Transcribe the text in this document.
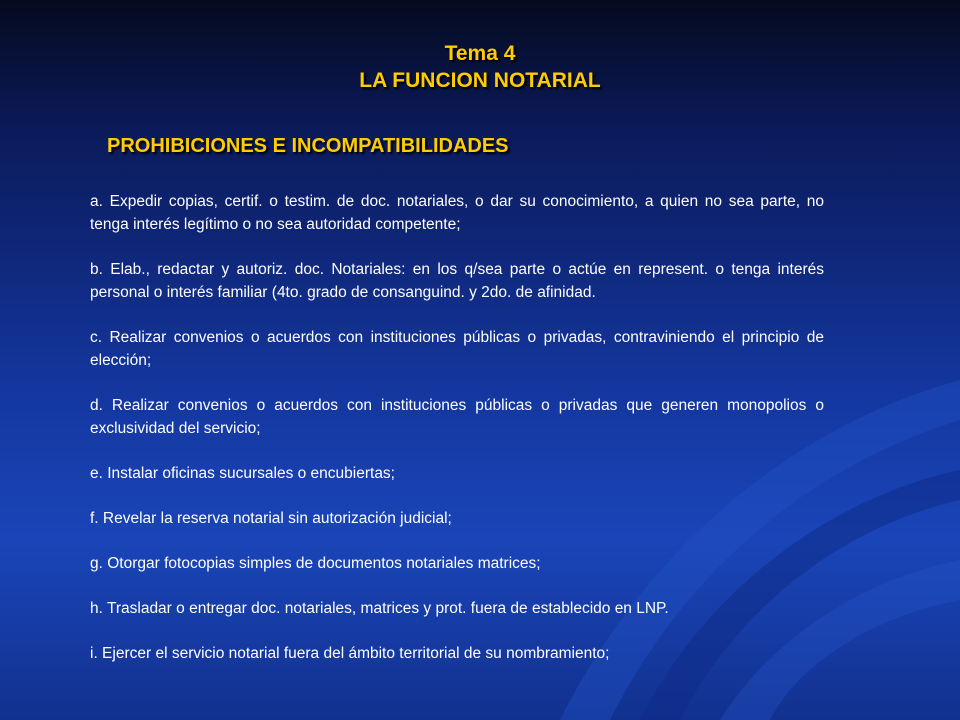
Tema 4
LA FUNCION NOTARIAL
PROHIBICIONES E INCOMPATIBILIDADES

a. Expedir copias, certif. o testim. de doc. notariales, o dar su conocimiento, a quien no sea parte, no tenga interés legítimo o no sea autoridad competente;

b. Elab., redactar y autoriz. doc. Notariales: en los q/sea parte o actúe en represent. o tenga interés personal o interés familiar (4to. grado de consanguind. y 2do. de afinidad.

c. Realizar convenios o acuerdos con instituciones públicas o privadas, contraviniendo el principio de elección;

d. Realizar convenios o acuerdos con instituciones públicas o privadas que generen monopolios o exclusividad del servicio;

e. Instalar oficinas sucursales o encubiertas;

f. Revelar la reserva notarial sin autorización judicial;

g. Otorgar fotocopias simples de documentos notariales matrices;

h. Trasladar o entregar doc. notariales, matrices y prot. fuera de establecido en LNP.

i. Ejercer el servicio notarial fuera del ámbito territorial de su nombramiento;
